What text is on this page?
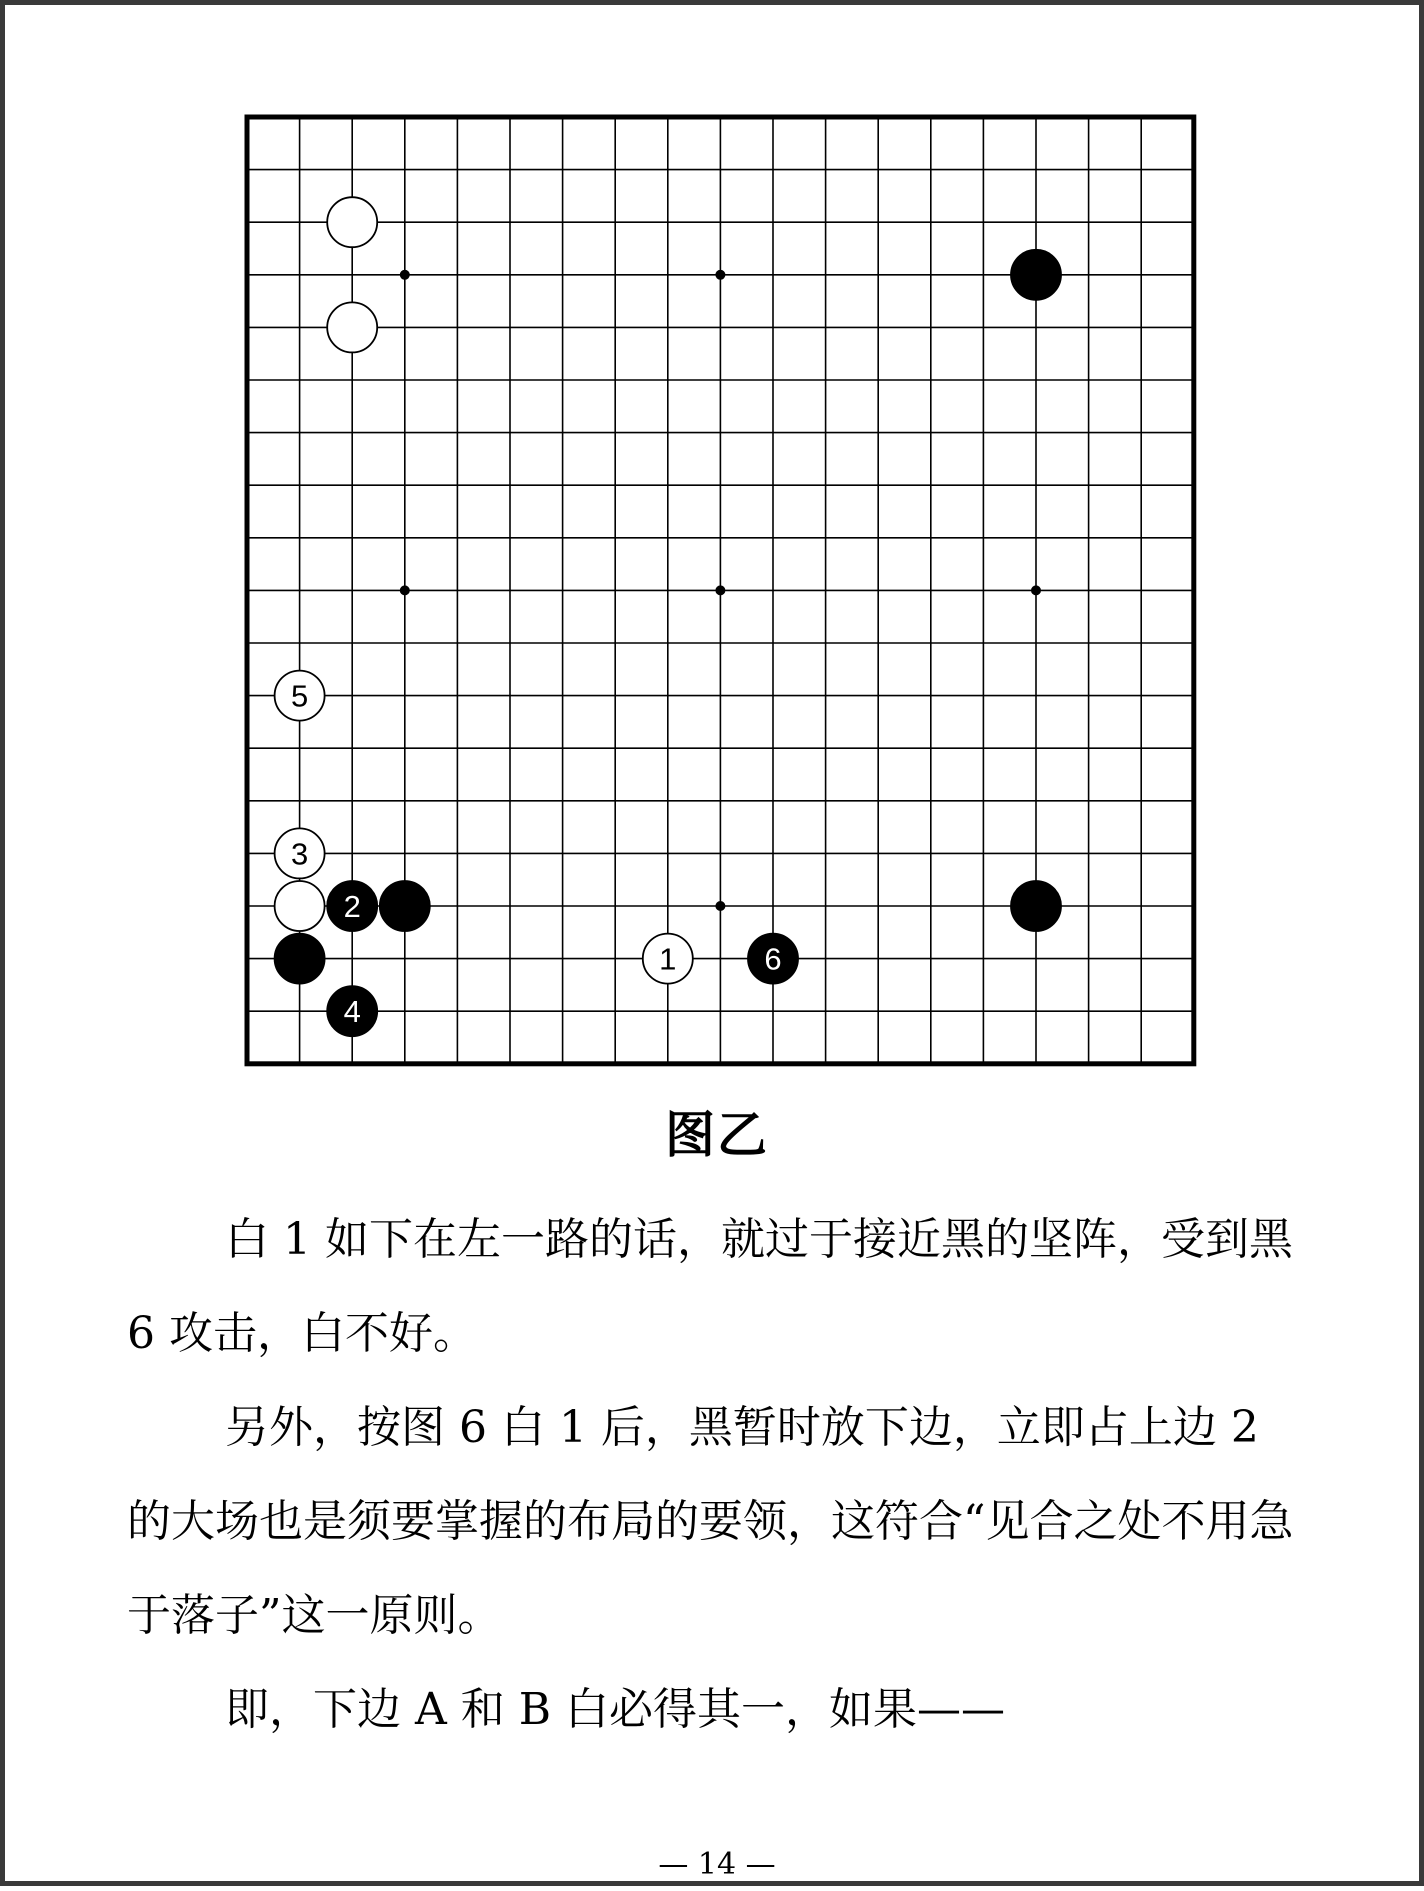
5
3
2
1	6
4
图乙

白 1 如下在左一路的话，就过于接近黑的坚阵，受到黑 6 攻击，白不好。

另外，按图 6 白 1 后，黑暂时放下边，立即占上边 2 的大场也是须要掌握的布局的要领，这符合“见合之处不用急于落子”这一原则。

即，下边 A 和 B 白必得其一，如果——

— 14 —
